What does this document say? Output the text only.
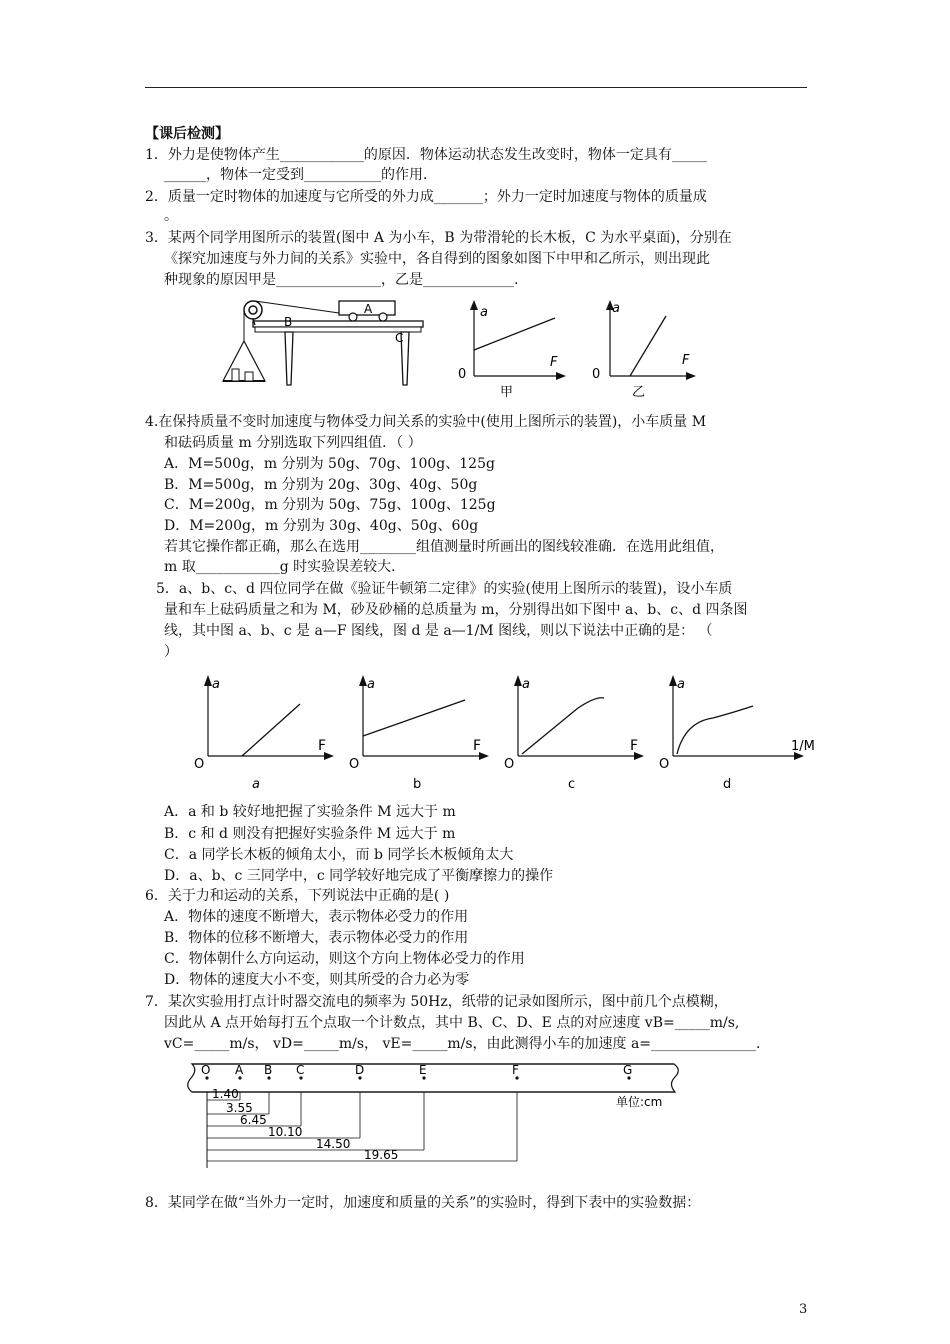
【课后检测】
1．外力是使物体产生____________的原因．物体运动状态发生改变时，物体一定具有_____
______，物体一定受到___________的作用．
2．质量一定时物体的加速度与它所受的外力成_______；外力一定时加速度与物体的质量成
。
3．某两个同学用图所示的装置(图中 A 为小车，B 为带滑轮的长木板，C 为水平桌面)，分别在
《探究加速度与外力间的关系》实验中，各自得到的图象如图下中甲和乙所示，则出现此
种现象的原因甲是_______________，乙是_____________.
A
B
C
a
F
0
甲
a
F
0
乙
4.在保持质量不变时加速度与物体受力间关系的实验中(使用上图所示的装置)，小车质量 M
和砝码质量 m 分别选取下列四组值．（ ）
A．M=500g，m 分别为 50g、70g、100g、125g
B．M=500g，m 分别为 20g、30g、40g、50g
C．M=200g，m 分别为 50g、75g、100g、125g
D．M=200g，m 分别为 30g、40g、50g、60g
若其它操作都正确，那么在选用________组值测量时所画出的图线较准确．在选用此组值，
m 取____________g 时实验误差较大．
5．a、b、c、d 四位同学在做《验证牛顿第二定律》的实验(使用上图所示的装置)，设小车质
量和车上砝码质量之和为 M，砂及砂桶的总质量为 m，分别得出如下图中 a、b、c、d 四条图
线，其中图 a、b、c 是 a—F 图线，图 d 是 a—1/M 图线，则以下说法中正确的是： （
）
a
F
O
a
a
F
O
b
a
F
O
c
a
1/M
O
d
A．a 和 b 较好地把握了实验条件 M 远大于 m
B．c 和 d 则没有把握好实验条件 M 远大于 m
C．a 同学长木板的倾角太小，而 b 同学长木板倾角太大
D．a、b、c 三同学中，c 同学较好地完成了平衡摩擦力的操作
6．关于力和运动的关系，下列说法中正确的是( )
A．物体的速度不断增大，表示物体必受力的作用
B．物体的位移不断增大，表示物体必受力的作用
C．物体朝什么方向运动，则这个方向上物体必受力的作用
D．物体的速度大小不变，则其所受的合力必为零
7．某次实验用打点计时器交流电的频率为 50Hz，纸带的记录如图所示，图中前几个点模糊，
因此从 A 点开始每打五个点取一个计数点，其中 B、C、D、E 点的对应速度 vB=_____m/s,
vC=_____m/s， vD=_____m/s， vE=_____m/s，由此测得小车的加速度 a=_______________.
O A B C	D	E	F	G
1.40
3.55
6.45
10.10
14.50
19.65
单位:cm
8．某同学在做“当外力一定时，加速度和质量的关系”的实验时，得到下表中的实验数据：
3
